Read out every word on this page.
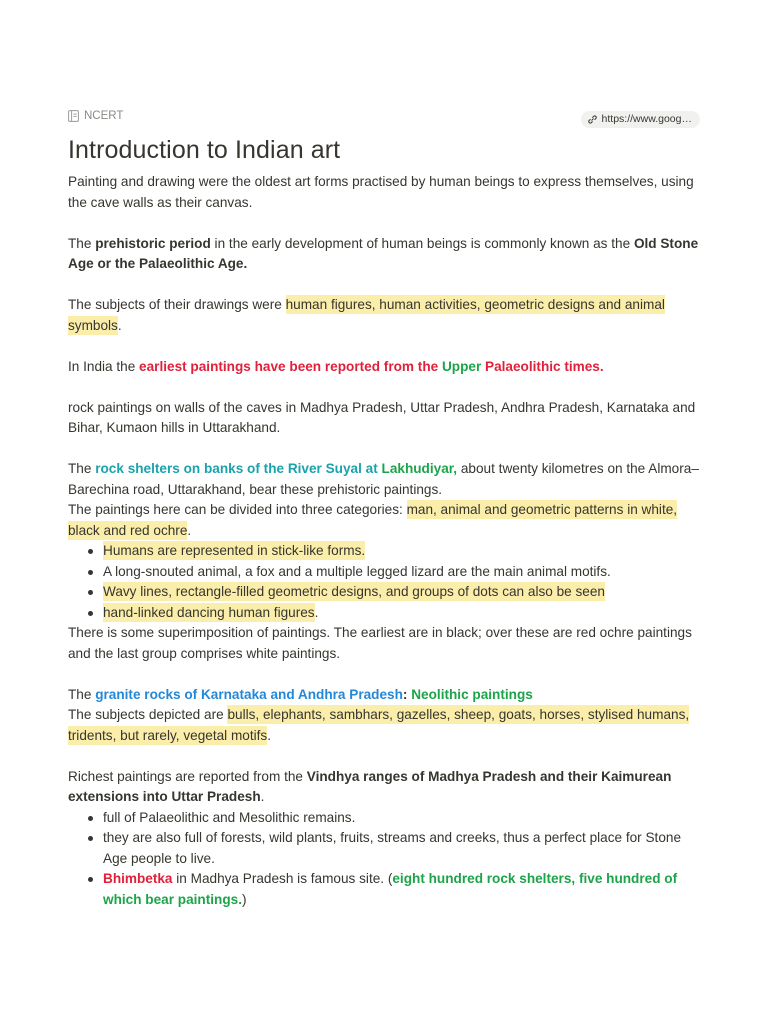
NCERT	https://www.goog…
Introduction to Indian art

Painting and drawing were the oldest art forms practised by human beings to express themselves, using the cave walls as their canvas.

The prehistoric period in the early development of human beings is commonly known as the Old Stone Age or the Palaeolithic Age.

The subjects of their drawings were human figures, human activities, geometric designs and animal symbols.

In India the earliest paintings have been reported from the Upper Palaeolithic times.

rock paintings on walls of the caves in Madhya Pradesh, Uttar Pradesh, Andhra Pradesh, Karnataka and Bihar, Kumaon hills in Uttarakhand.

The rock shelters on banks of the River Suyal at Lakhudiyar, about twenty kilometres on the Almora–Barechina road, Uttarakhand, bear these prehistoric paintings.

The paintings here can be divided into three categories: man, animal and geometric patterns in white, black and red ochre.

Humans are represented in stick-like forms.
A long-snouted animal, a fox and a multiple legged lizard are the main animal motifs.
Wavy lines, rectangle-filled geometric designs, and groups of dots can also be seen
hand-linked dancing human figures.

There is some superimposition of paintings. The earliest are in black; over these are red ochre paintings and the last group comprises white paintings.

The granite rocks of Karnataka and Andhra Pradesh: Neolithic paintings

The subjects depicted are bulls, elephants, sambhars, gazelles, sheep, goats, horses, stylised humans, tridents, but rarely, vegetal motifs.

Richest paintings are reported from the Vindhya ranges of Madhya Pradesh and their Kaimurean extensions into Uttar Pradesh.

full of Palaeolithic and Mesolithic remains.
they are also full of forests, wild plants, fruits, streams and creeks, thus a perfect place for Stone Age people to live.
Bhimbetka in Madhya Pradesh is famous site. (eight hundred rock shelters, five hundred of which bear paintings.)
